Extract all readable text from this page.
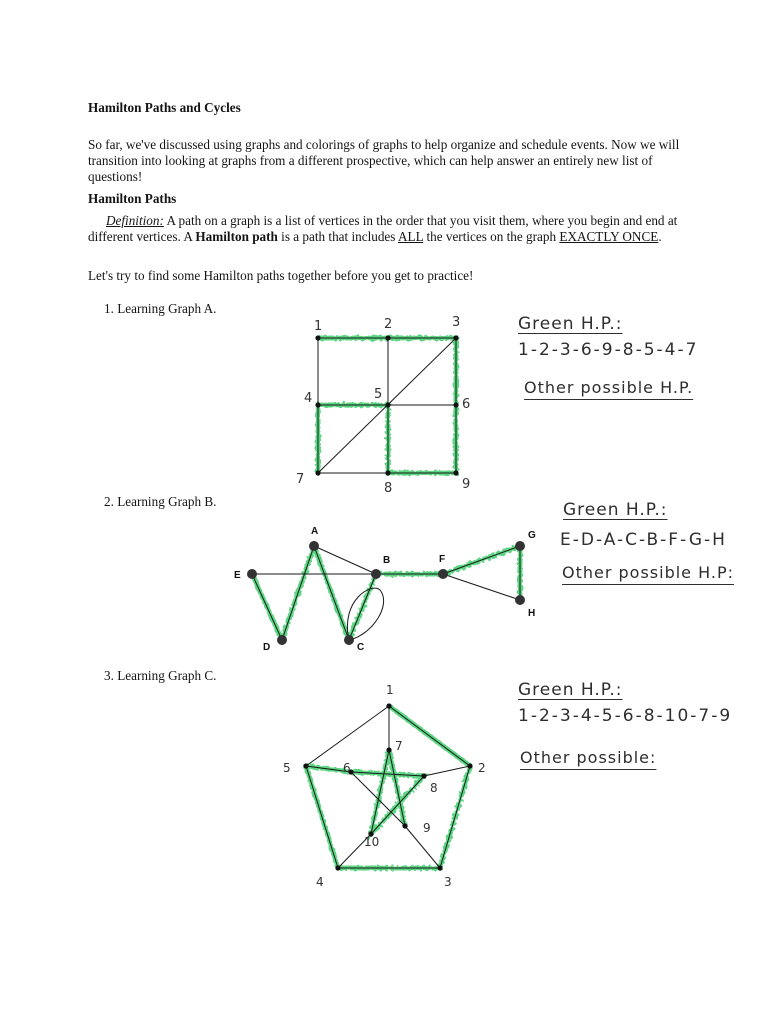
Hamilton Paths and Cycles
So far, we've discussed using graphs and colorings of graphs to help organize and schedule events. Now we will transition into looking at graphs from a different prospective, which can help answer an entirely new list of questions!
Hamilton Paths
Definition: A path on a graph is a list of vertices in the order that you visit them, where you begin and end at different vertices. A Hamilton path is a path that includes ALL the vertices on the graph EXACTLY ONCE.
Let's try to find some Hamilton paths together before you get to practice!
1. Learning Graph A.
2. Learning Graph B.
3. Learning Graph C.
Green H.P.:
1-2-3-6-9-8-5-4-7
Other possible H.P.
Green H.P.:
E-D-A-C-B-F-G-H
Other possible H.P:
Green H.P.:
1-2-3-4-5-6-8-10-7-9
Other possible:
1	2	3
4	5
6
7
8	9
A
B
C
D
E
F
G
H
1
2
3
4
5	6
7
8
9
10
